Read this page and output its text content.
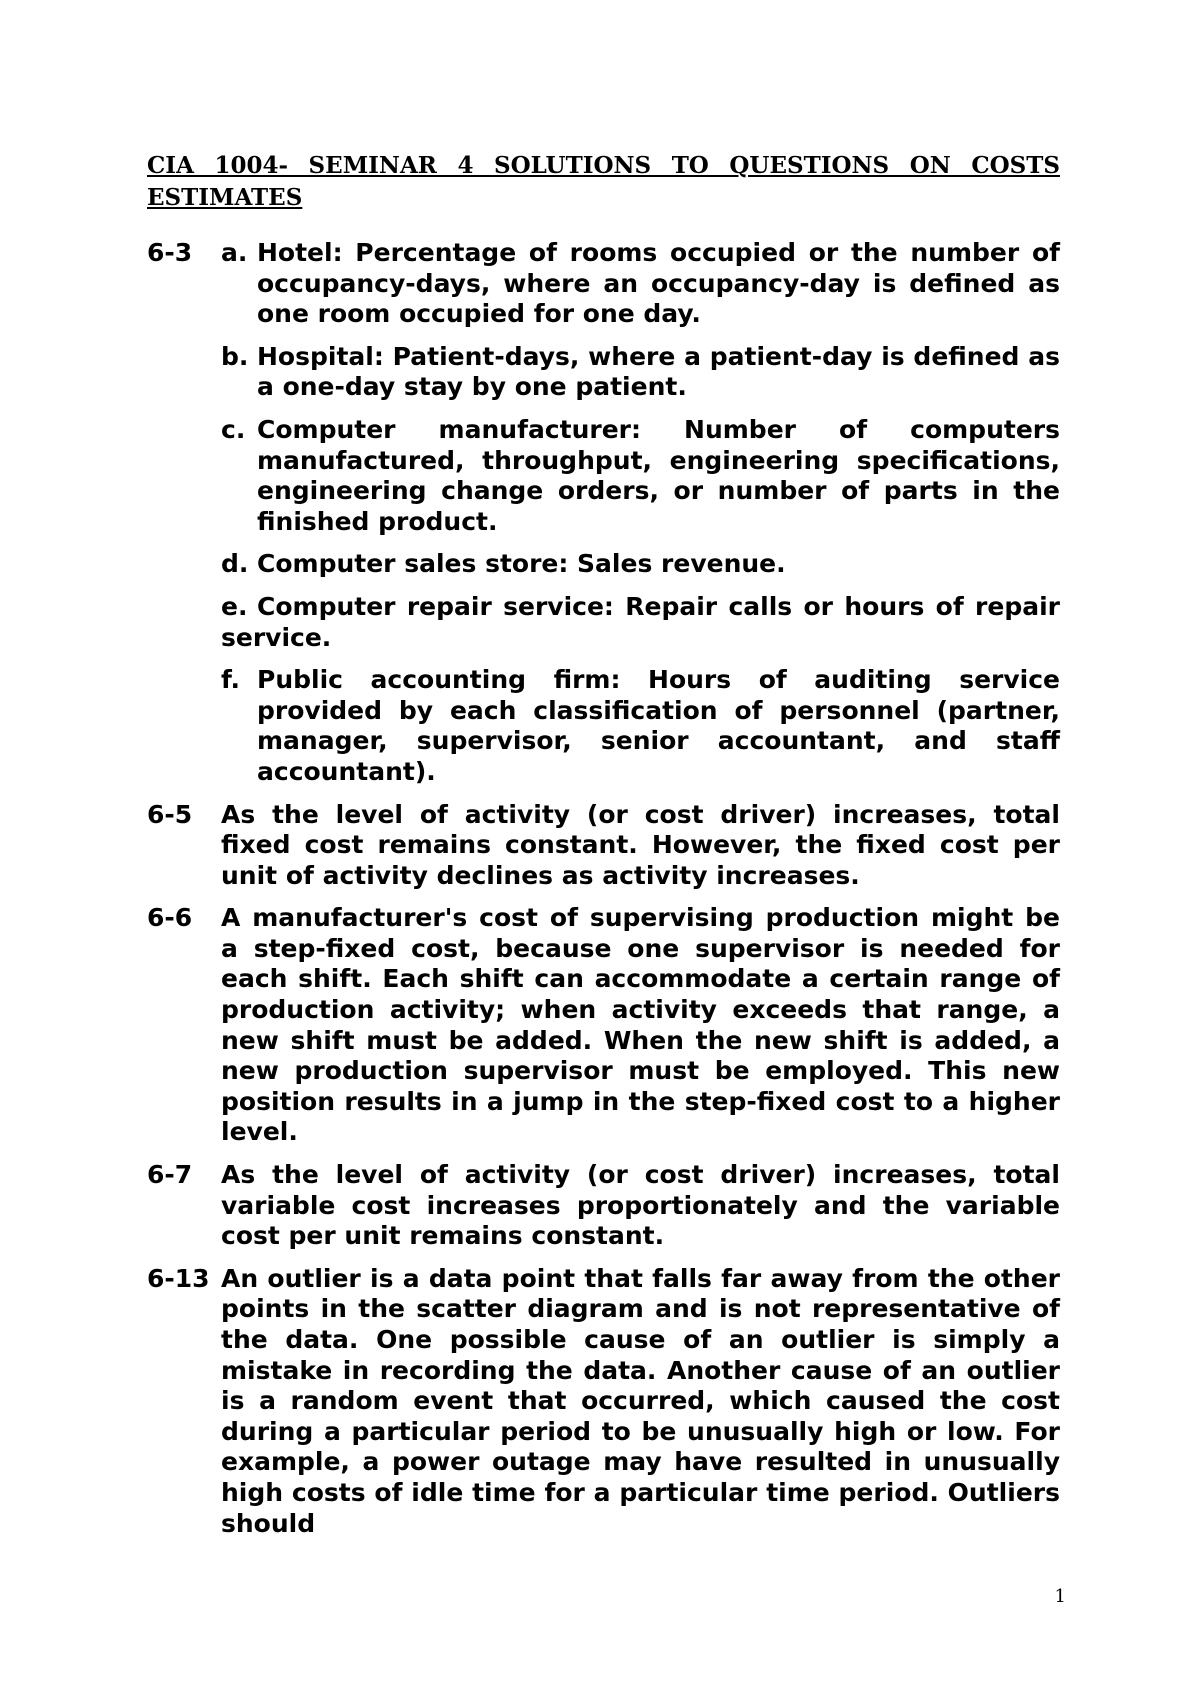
CIA 1004- SEMINAR 4 SOLUTIONS TO QUESTIONS ON COSTS ESTIMATES
6-3 a. Hotel: Percentage of rooms occupied or the number of occupancy-days, where an occupancy-day is defined as one room occupied for one day.
b. Hospital: Patient-days, where a patient-day is defined as a one-day stay by one patient.
c. Computer manufacturer: Number of computers manufactured, throughput, engineering specifications, engineering change orders, or number of parts in the finished product.
d. Computer sales store: Sales revenue.
e. Computer repair service: Repair calls or hours of repair service.
f. Public accounting firm: Hours of auditing service provided by each classification of personnel (partner, manager, supervisor, senior accountant, and staff accountant).
6-5 As the level of activity (or cost driver) increases, total fixed cost remains constant. However, the fixed cost per unit of activity declines as activity increases.
6-6 A manufacturer's cost of supervising production might be a step-fixed cost, because one supervisor is needed for each shift. Each shift can accommodate a certain range of production activity; when activity exceeds that range, a new shift must be added. When the new shift is added, a new production supervisor must be employed. This new position results in a jump in the step-fixed cost to a higher level.
6-7 As the level of activity (or cost driver) increases, total variable cost increases proportionately and the variable cost per unit remains constant.
6-13 An outlier is a data point that falls far away from the other points in the scatter diagram and is not representative of the data. One possible cause of an outlier is simply a mistake in recording the data. Another cause of an outlier is a random event that occurred, which caused the cost during a particular period to be unusually high or low. For example, a power outage may have resulted in unusually high costs of idle time for a particular time period. Outliers should
1
